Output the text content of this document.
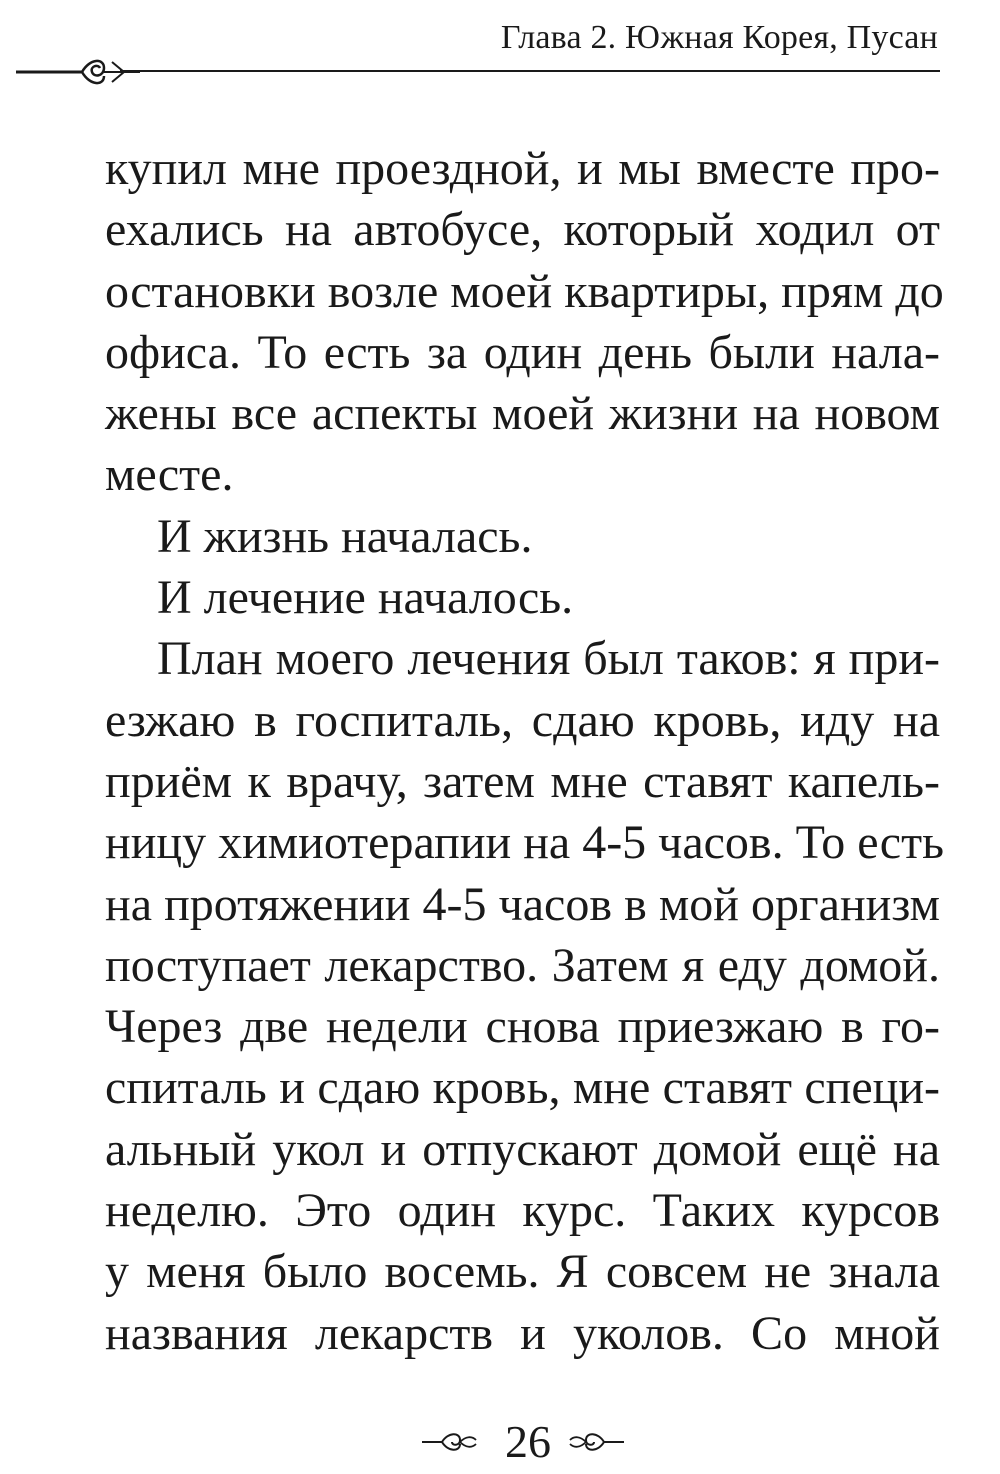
Глава 2. Южная Корея, Пусан
купил мне проездной, и мы вместе про-
ехались на автобусе, который ходил от
остановки возле моей квартиры, прям до
офиса. То есть за один день были нала-
жены все аспекты моей жизни на новом
месте.
И жизнь началась.
И лечение началось.
План моего лечения был таков: я при-
езжаю в госпиталь, сдаю кровь, иду на
приём к врачу, затем мне ставят капель-
ницу химиотерапии на 4-5 часов. То есть
на протяжении 4-5 часов в мой организм
поступает лекарство. Затем я еду домой.
Через две недели снова приезжаю в го-
спиталь и сдаю кровь, мне ставят специ-
альный укол и отпускают домой ещё на
неделю. Это один курс. Таких курсов
у меня было восемь. Я совсем не знала
названия лекарств и уколов. Со мной
26
